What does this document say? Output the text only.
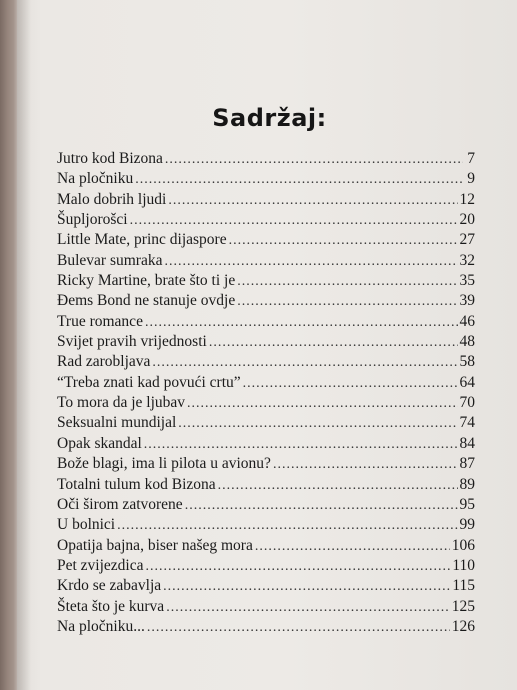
Sadržaj:
Jutro kod Bizona .....	7
Na pločniku .....	9
Malo dobrih ljudi .....	12
Šupljorošci .....	20
Little Mate, princ dijaspore .....	27
Bulevar sumraka .....	32
Ricky Martine, brate što ti je .....	35
Đems Bond ne stanuje ovdje .....	39
True romance .....	46
Svijet pravih vrijednosti .....	48
Rad zarobljava .....	58
“Treba znati kad povući crtu” .....	64
To mora da je ljubav .....	70
Seksualni mundijal .....	74
Opak skandal .....	84
Bože blagi, ima li pilota u avionu? .....	87
Totalni tulum kod Bizona .....	89
Oči širom zatvorene .....	95
U bolnici .....	99
Opatija bajna, biser našeg mora .....	106
Pet zvijezdica .....	110
Krdo se zabavlja .....	115
Šteta što je kurva .....	125
Na pločniku... .....	126
